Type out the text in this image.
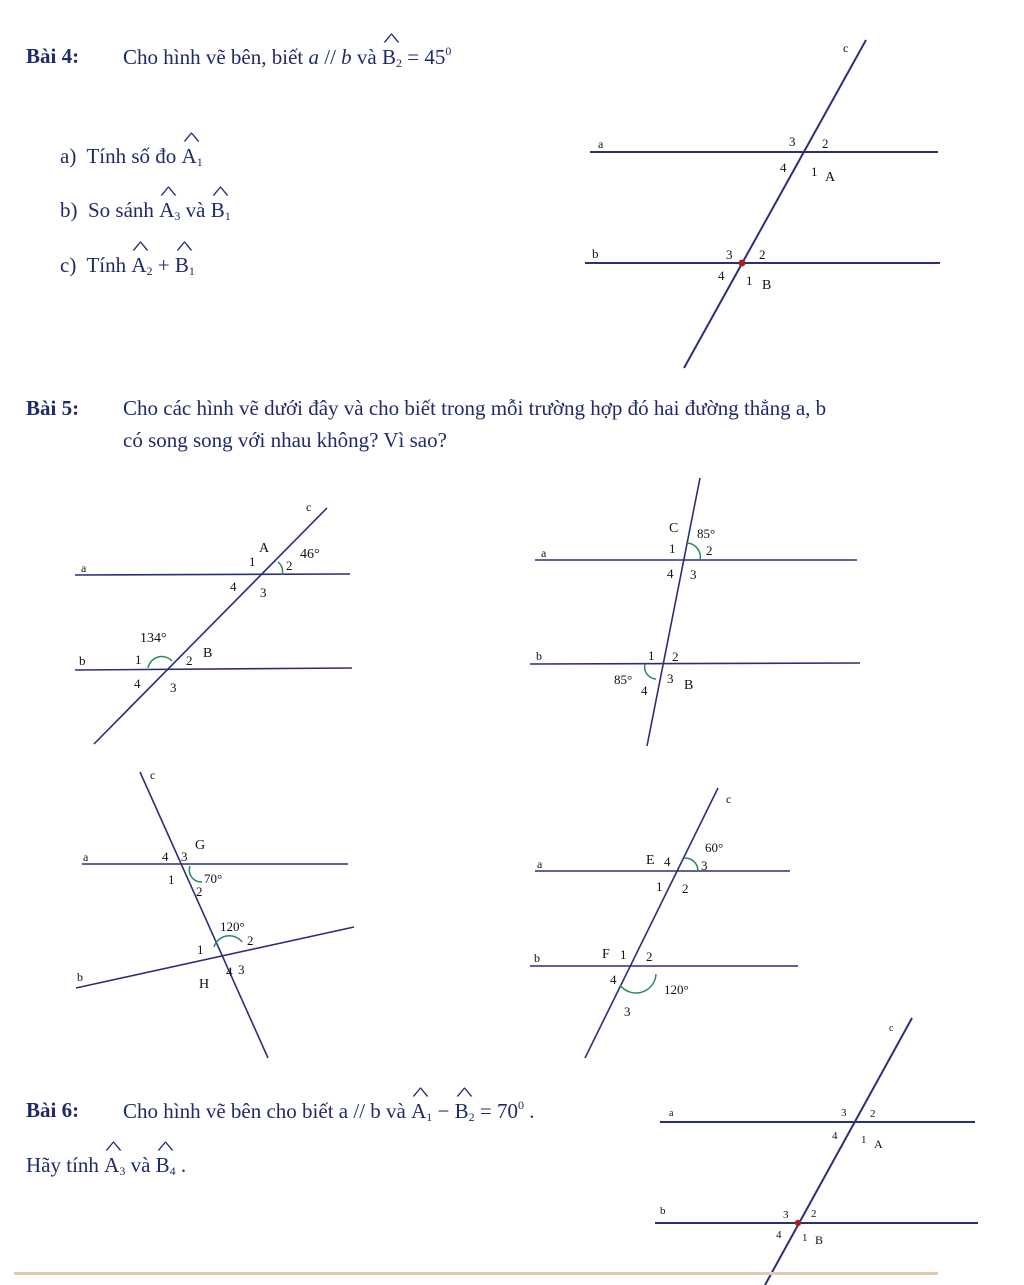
Bài 4: Cho hình vẽ bên, biết a // b và ^ $B_2 = 45^0$
a) Tính số đo ^ $A_1$
b) So sánh ^ $A_3$ và ^ $B_1$
c) Tính ^ $A_2$ + ^ $B_1$
Bài 5: Cho các hình vẽ dưới đây và cho biết trong mỗi trường hợp đó hai đường thẳng a, b
có song song với nhau không? Vì sao?
Bài 6: Cho hình vẽ bên cho biết a // b và ^ $A_1$ − ^ $B_2 = 70^0$ .
Hãy tính ^ $A_3$ và ^ $B_4$ .
a
b
c
3 2
4 1 A
3 2
4 1 B
a
b
c
A 46°
1 2
4 3
134°
1	2 B
4 3
a
b
C 85°
1 2
4 3
1 2
85°
4
3 B
c
a
b
G
4 3
1 70°
2
120°
1
2
4 3
H
c
a
b
E 4
60°
3
1 2
F 1 2
4
120°
3
a
b
c
3 2
4 1 A
3 2
4 1 B
